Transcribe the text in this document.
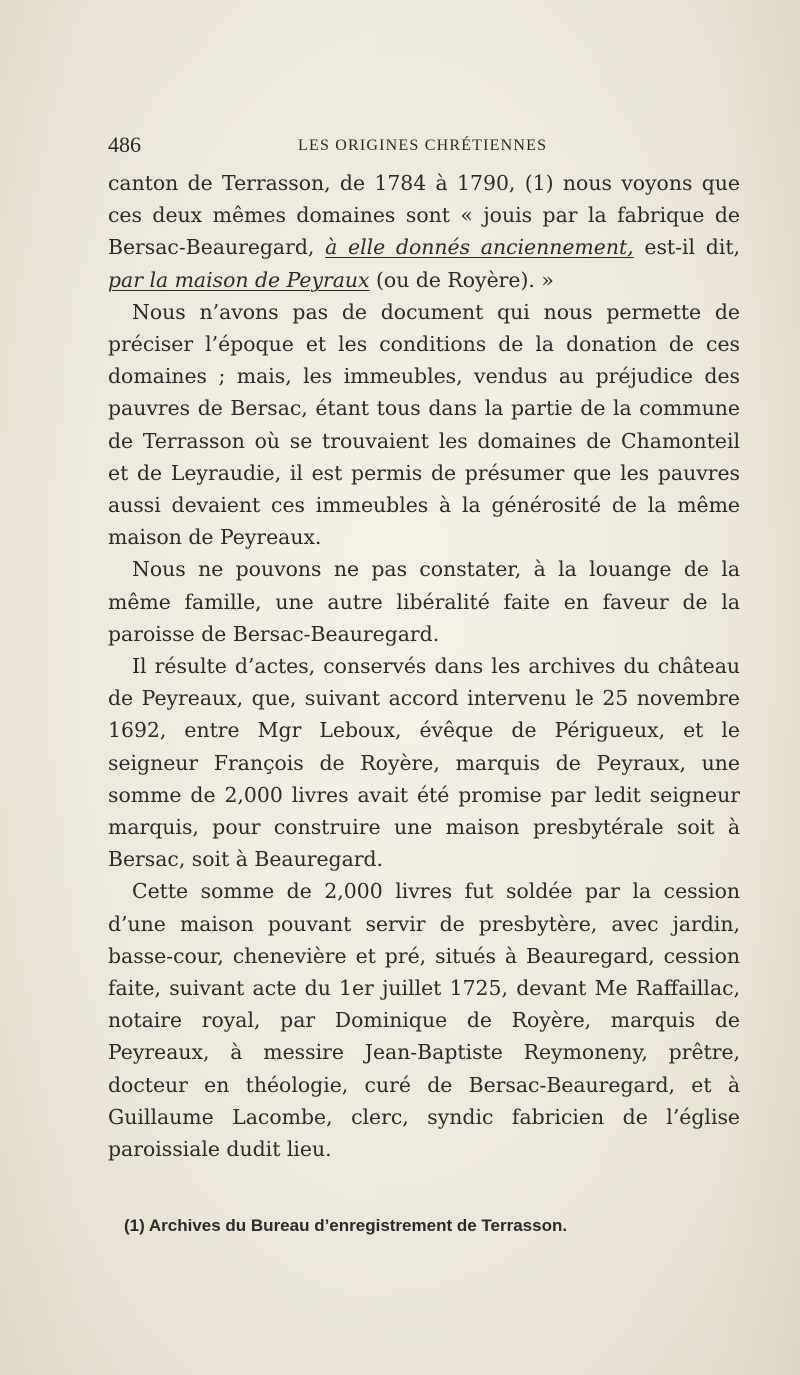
486	LES ORIGINES CHRÉTIENNES

canton de Terrasson, de 1784 à 1790, (1) nous voyons que ces deux mêmes domaines sont « jouis par la fabrique de Bersac-Beauregard, à elle donnés anciennement, est-il dit, par la maison de Peyraux (ou de Royère). »

Nous n’avons pas de document qui nous permette de préciser l’époque et les conditions de la donation de ces domaines ; mais, les immeubles, vendus au préjudice des pauvres de Bersac, étant tous dans la partie de la commune de Terrasson où se trouvaient les domaines de Chamonteil et de Leyraudie, il est permis de présumer que les pauvres aussi devaient ces immeubles à la générosité de la même maison de Peyreaux.

Nous ne pouvons ne pas constater, à la louange de la même famille, une autre libéralité faite en faveur de la paroisse de Bersac-Beauregard.

Il résulte d’actes, conservés dans les archives du château de Peyreaux, que, suivant accord intervenu le 25 novembre 1692, entre Mgr Leboux, évêque de Périgueux, et le seigneur François de Royère, marquis de Peyraux, une somme de 2,000 livres avait été promise par ledit seigneur marquis, pour construire une maison presbytérale soit à Bersac, soit à Beauregard.

Cette somme de 2,000 livres fut soldée par la cession d’une maison pouvant servir de presbytère, avec jardin, basse-cour, chenevière et pré, situés à Beauregard, cession faite, suivant acte du 1er juillet 1725, devant Me Raffaillac, notaire royal, par Dominique de Royère, marquis de Peyreaux, à messire Jean-Baptiste Reymoneny, prêtre, docteur en théologie, curé de Bersac-Beauregard, et à Guillaume Lacombe, clerc, syndic fabricien de l’église paroissiale dudit lieu.

(1) Archives du Bureau d’enregistrement de Terrasson.
